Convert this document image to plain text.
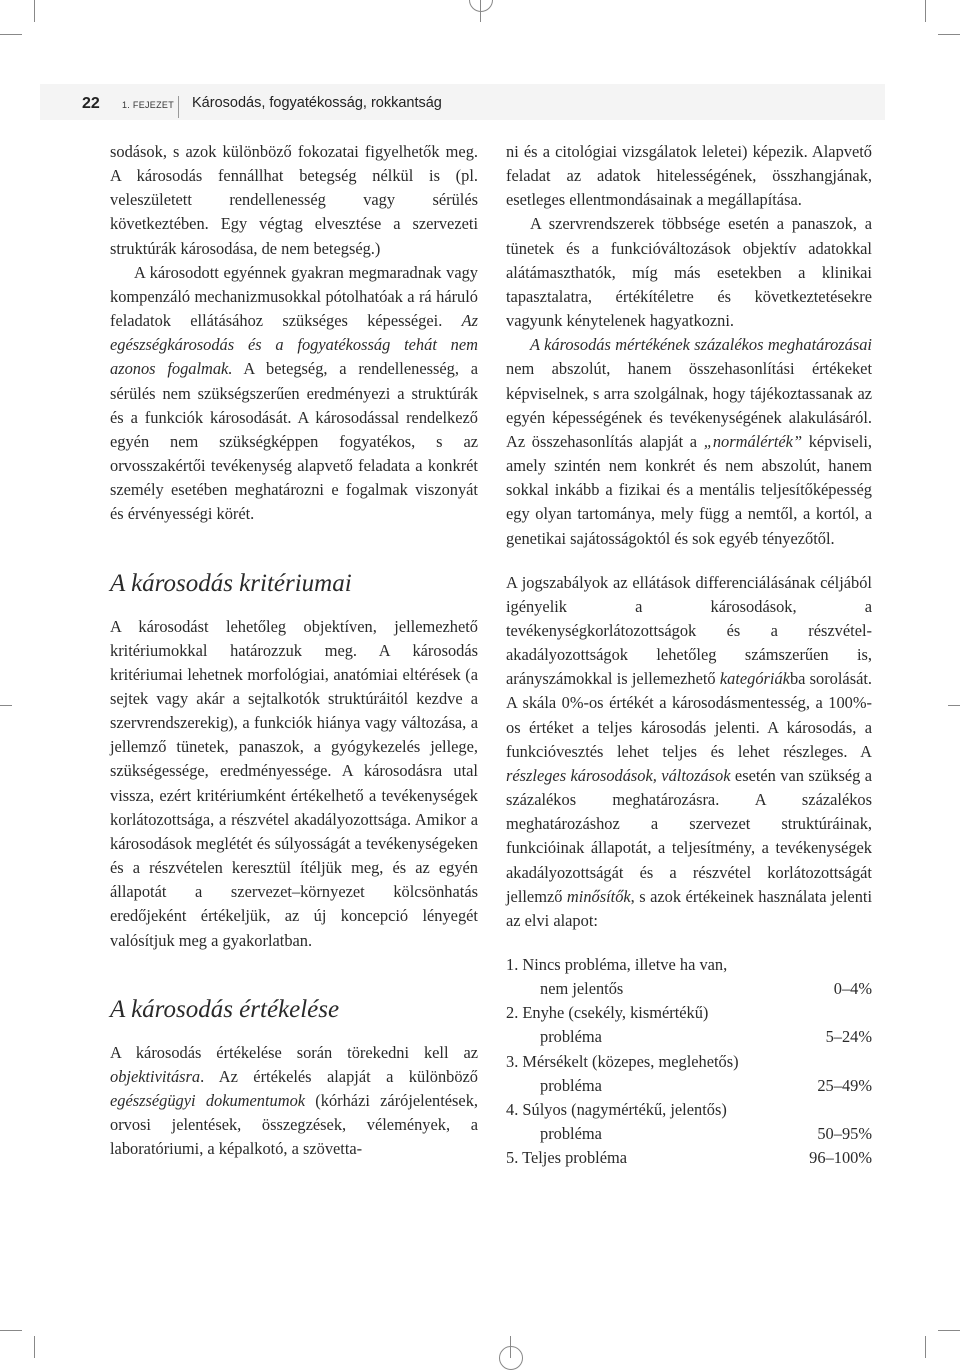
22 1. FEJEZET Károsodás, fogyatékosság, rokkantság

sodások, s azok különböző fokozatai figyelhetők meg. A károsodás fennállhat betegség nélkül is (pl. veleszületett rendellenesség vagy sérülés következtében. Egy végtag elvesztése a szervezeti struktúrák károsodása, de nem betegség.)

A károsodott egyénnek gyakran megmaradnak vagy kompenzáló mechanizmusokkal pótolhatóak a rá háruló feladatok ellátásához szükséges képességei. Az egészségkárosodás és a fogyatékosság tehát nem azonos fogalmak. A betegség, a rendellenesség, a sérülés nem szükségszerűen eredményezi a struktúrák és a funkciók károsodását. A károsodással rendelkező egyén nem szükségképpen fogyatékos, s az orvosszakértői tevékenység alapvető feladata a konkrét személy esetében meghatározni e fogalmak viszonyát és érvényességi körét.

A károsodás kritériumai

A károsodást lehetőleg objektíven, jellemezhető kritériumokkal határozzuk meg. A károsodás kritériumai lehetnek morfológiai, anatómiai eltérések (a sejtek vagy akár a sejtalkotók struktúráitól kezdve a szervrendszerekig), a funkciók hiánya vagy változása, a jellemző tünetek, panaszok, a gyógykezelés jellege, szükségessége, eredményessége. A károsodásra utal vissza, ezért kritériumként értékelhető a tevékenységek korlátozottsága, a részvétel akadályozottsága. Amikor a károsodások meglétét és súlyosságát a tevékenységeken és a részvételen keresztül ítéljük meg, és az egyén állapotát a szervezet–környezet kölcsönhatás eredőjeként értékeljük, az új koncepció lényegét valósítjuk meg a gyakorlatban.

A károsodás értékelése

A károsodás értékelése során törekedni kell az objektivitásra. Az értékelés alapját a különböző egészségügyi dokumentumok (kórházi zárójelentések, orvosi jelentések, összegzések, vélemények, a laboratóriumi, a képalkotó, a szövetta-

ni és a citológiai vizsgálatok leletei) képezik. Alapvető feladat az adatok hitelességének, összhangjának, esetleges ellentmondásainak a megállapítása.

A szervrendszerek többsége esetén a panaszok, a tünetek és a funkcióváltozások objektív adatokkal alátámaszthatók, míg más esetekben a klinikai tapasztalatra, értékítéletre és következtetésekre vagyunk kénytelenek hagyatkozni.

A károsodás mértékének százalékos meghatározásai nem abszolút, hanem összehasonlítási értékeket képviselnek, s arra szolgálnak, hogy tájékoztassanak az egyén képességének és tevékenységének alakulásáról. Az összehasonlítás alapját a „normálérték” képviseli, amely szintén nem konkrét és nem abszolút, hanem sokkal inkább a fizikai és a mentális teljesítőképesség egy olyan tartománya, mely függ a nemtől, a kortól, a genetikai sajátosságoktól és sok egyéb tényezőtől.

A jogszabályok az ellátások differenciálásának céljából igényelik a károsodások, a tevékenységkorlátozottságok és a részvétel-akadályozottságok lehetőleg számszerűen is, arányszámokkal is jellemezhető kategóriákba sorolását. A skála 0%-os értékét a károsodásmentesség, a 100%-os értéket a teljes károsodás jelenti. A károsodás, a funkcióvesztés lehet teljes és lehet részleges. A részleges károsodások, változások esetén van szükség a százalékos meghatározásra. A százalékos meghatározáshoz a szervezet struktúráinak, funkcióinak állapotát, a teljesítmény, a tevékenységek akadályozottságát és a részvétel korlátozottságát jellemző minősítők, s azok értékeinek használata jelenti az elvi alapot:

1. Nincs probléma, illetve ha van,
nem jelentős	0–4%
2. Enyhe (csekély, kismértékű)
probléma	5–24%
3. Mérsékelt (közepes, meglehetős)
probléma	25–49%
4. Súlyos (nagymértékű, jelentős)
probléma	50–95%
5. Teljes probléma	96–100%
